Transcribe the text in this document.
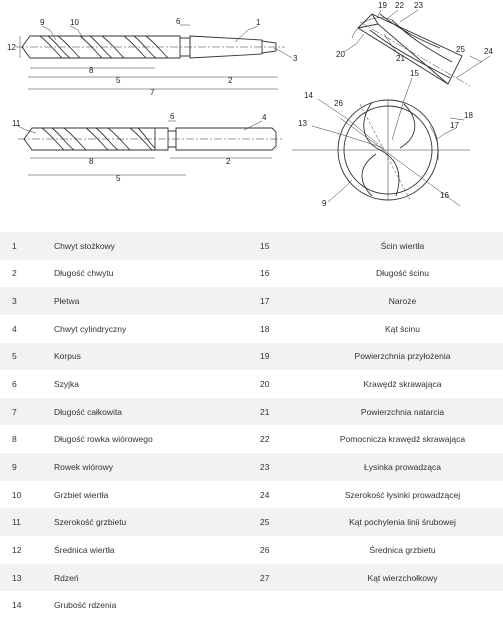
9	10	6	1
3
12
8
5	2
7
4
6
11
8	2
5
19 22 23
20	21
25 24
15
14
26
13
18
17
9
16
1	Chwyt stożkowy	15	Ścin wiertła
2	Długość chwytu	16	Długość ścinu
3	Płetwa	17	Naroże
4	Chwyt cylindryczny	18	Kąt ścinu
5	Korpus	19	Powierzchnia przyłożenia
6	Szyjka	20	Krawędź skrawająca
7	Długość całkowita	21	Powierzchnia natarcia
8	Długość rowka wiórowego	22	Pomocnicza krawędź skrawająca
9	Rowek wiórowy	23	Łysinka prowadząca
10	Grzbiet wiertła	24	Szerokość łysinki prowadzącej
11	Szerokość grzbietu	25	Kąt pochylenia linii śrubowej
12	Średnica wiertła	26	Średnica grzbietu
13	Rdzeń	27	Kąt wierzchołkowy
14	Grubość rdzenia		
